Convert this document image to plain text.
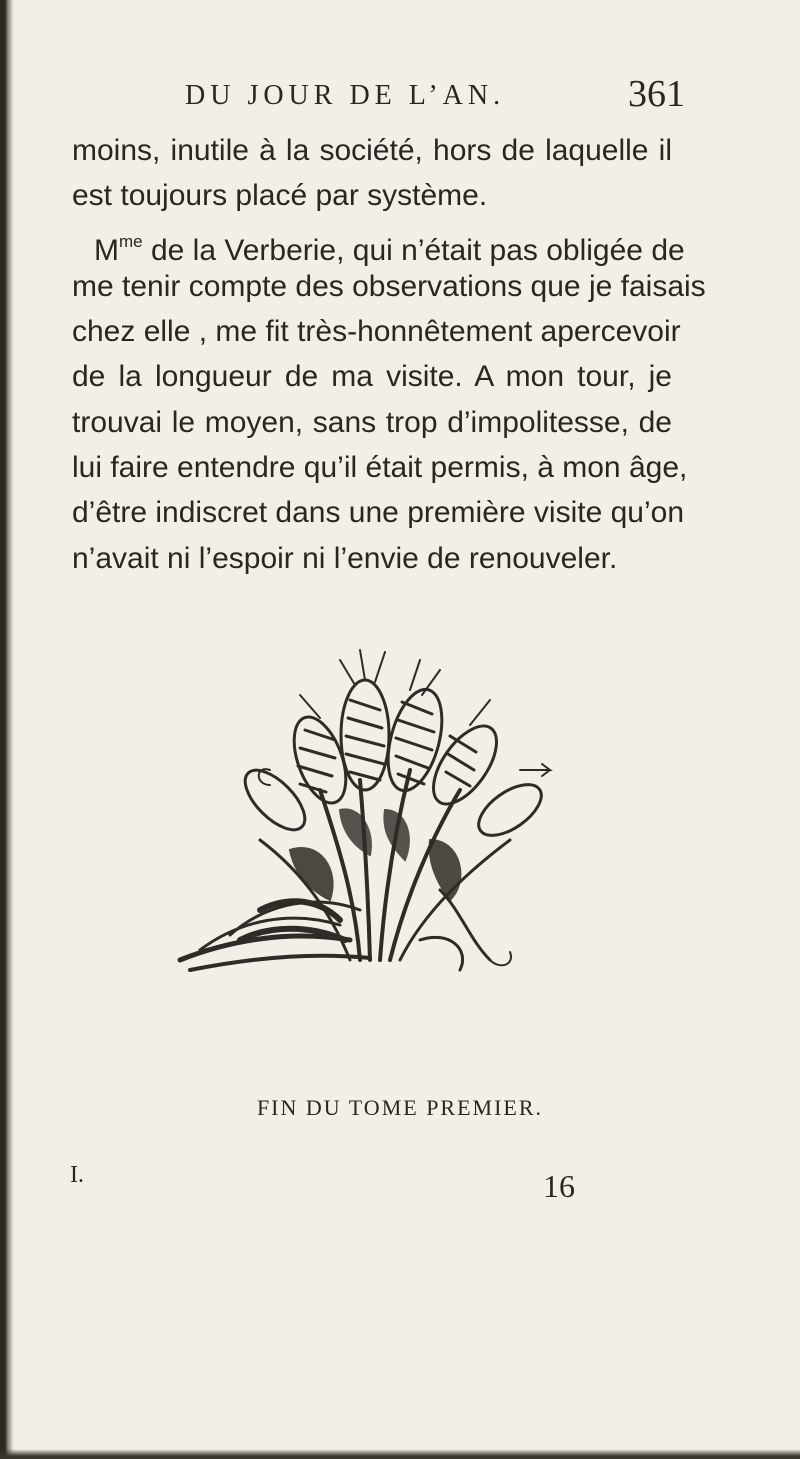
DU JOUR DE L’AN.	361
moins, inutile à la société, hors de laquelle il
est toujours placé par système.
$M^{me}$ de la Verberie, qui n’était pas obligée de
me tenir compte des observations que je faisais
chez elle , me fit très-honnêtement apercevoir
de la longueur de ma visite. A mon tour, je
trouvai le moyen, sans trop d’impolitesse, de
lui faire entendre qu’il était permis, à mon âge,
d’être indiscret dans une première visite qu’on
n’avait ni l’espoir ni l’envie de renouveler.
FIN DU TOME PREMIER.
I.	16
